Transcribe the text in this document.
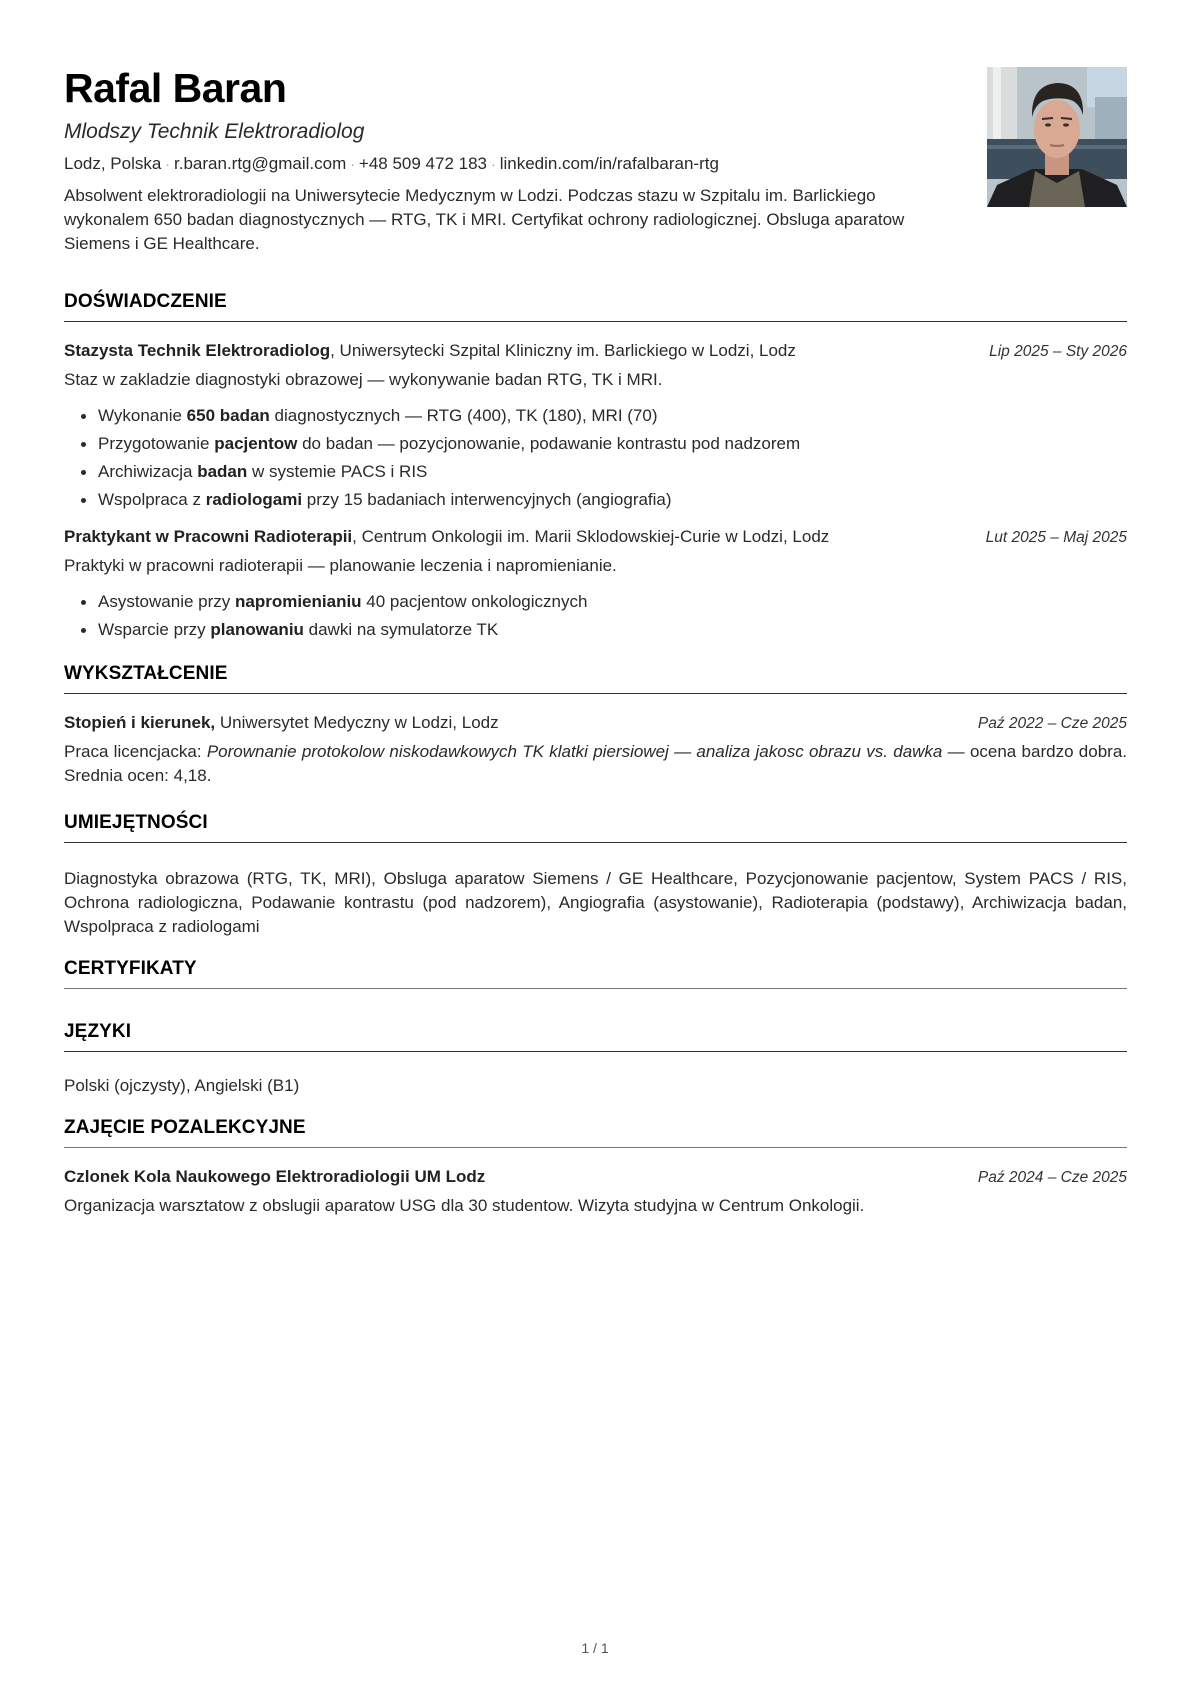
Rafal Baran
Mlodszy Technik Elektroradiolog
Lodz, Polska · r.baran.rtg@gmail.com · +48 509 472 183 · linkedin.com/in/rafalbaran-rtg
Absolwent elektroradiologii na Uniwersytecie Medycznym w Lodzi. Podczas stazu w Szpitalu im. Barlickiego wykonalem 650 badan diagnostycznych — RTG, TK i MRI. Certyfikat ochrony radiologicznej. Obsluga aparatow Siemens i GE Healthcare.
DOŚWIADCZENIE
Stazysta Technik Elektroradiolog, Uniwersytecki Szpital Kliniczny im. Barlickiego w Lodzi, Lodz	Lip 2025 – Sty 2026
Staz w zakladzie diagnostyki obrazowej — wykonywanie badan RTG, TK i MRI.
Wykonanie 650 badan diagnostycznych — RTG (400), TK (180), MRI (70)
Przygotowanie pacjentow do badan — pozycjonowanie, podawanie kontrastu pod nadzorem
Archiwizacja badan w systemie PACS i RIS
Wspolpraca z radiologami przy 15 badaniach interwencyjnych (angiografia)
Praktykant w Pracowni Radioterapii, Centrum Onkologii im. Marii Sklodowskiej-Curie w Lodzi, Lodz	Lut 2025 – Maj 2025
Praktyki w pracowni radioterapii — planowanie leczenia i napromienianie.
Asystowanie przy napromienianiu 40 pacjentow onkologicznych
Wsparcie przy planowaniu dawki na symulatorze TK
WYKSZTAŁCENIE
Stopień i kierunek, Uniwersytet Medyczny w Lodzi, Lodz	Paź 2022 – Cze 2025
Praca licencjacka: Porownanie protokolow niskodawkowych TK klatki piersiowej — analiza jakosc obrazu vs. dawka — ocena bardzo dobra. Srednia ocen: 4,18.
UMIEJĘTNOŚCI
Diagnostyka obrazowa (RTG, TK, MRI), Obsluga aparatow Siemens / GE Healthcare, Pozycjonowanie pacjentow, System PACS / RIS, Ochrona radiologiczna, Podawanie kontrastu (pod nadzorem), Angiografia (asystowanie), Radioterapia (podstawy), Archiwizacja badan, Wspolpraca z radiologami
CERTYFIKATY
JĘZYKI
Polski (ojczysty), Angielski (B1)
ZAJĘCIE POZALEKCYJNE
Czlonek Kola Naukowego Elektroradiologii UM Lodz	Paź 2024 – Cze 2025
Organizacja warsztatow z obslugii aparatow USG dla 30 studentow. Wizyta studyjna w Centrum Onkologii.
1 / 1
